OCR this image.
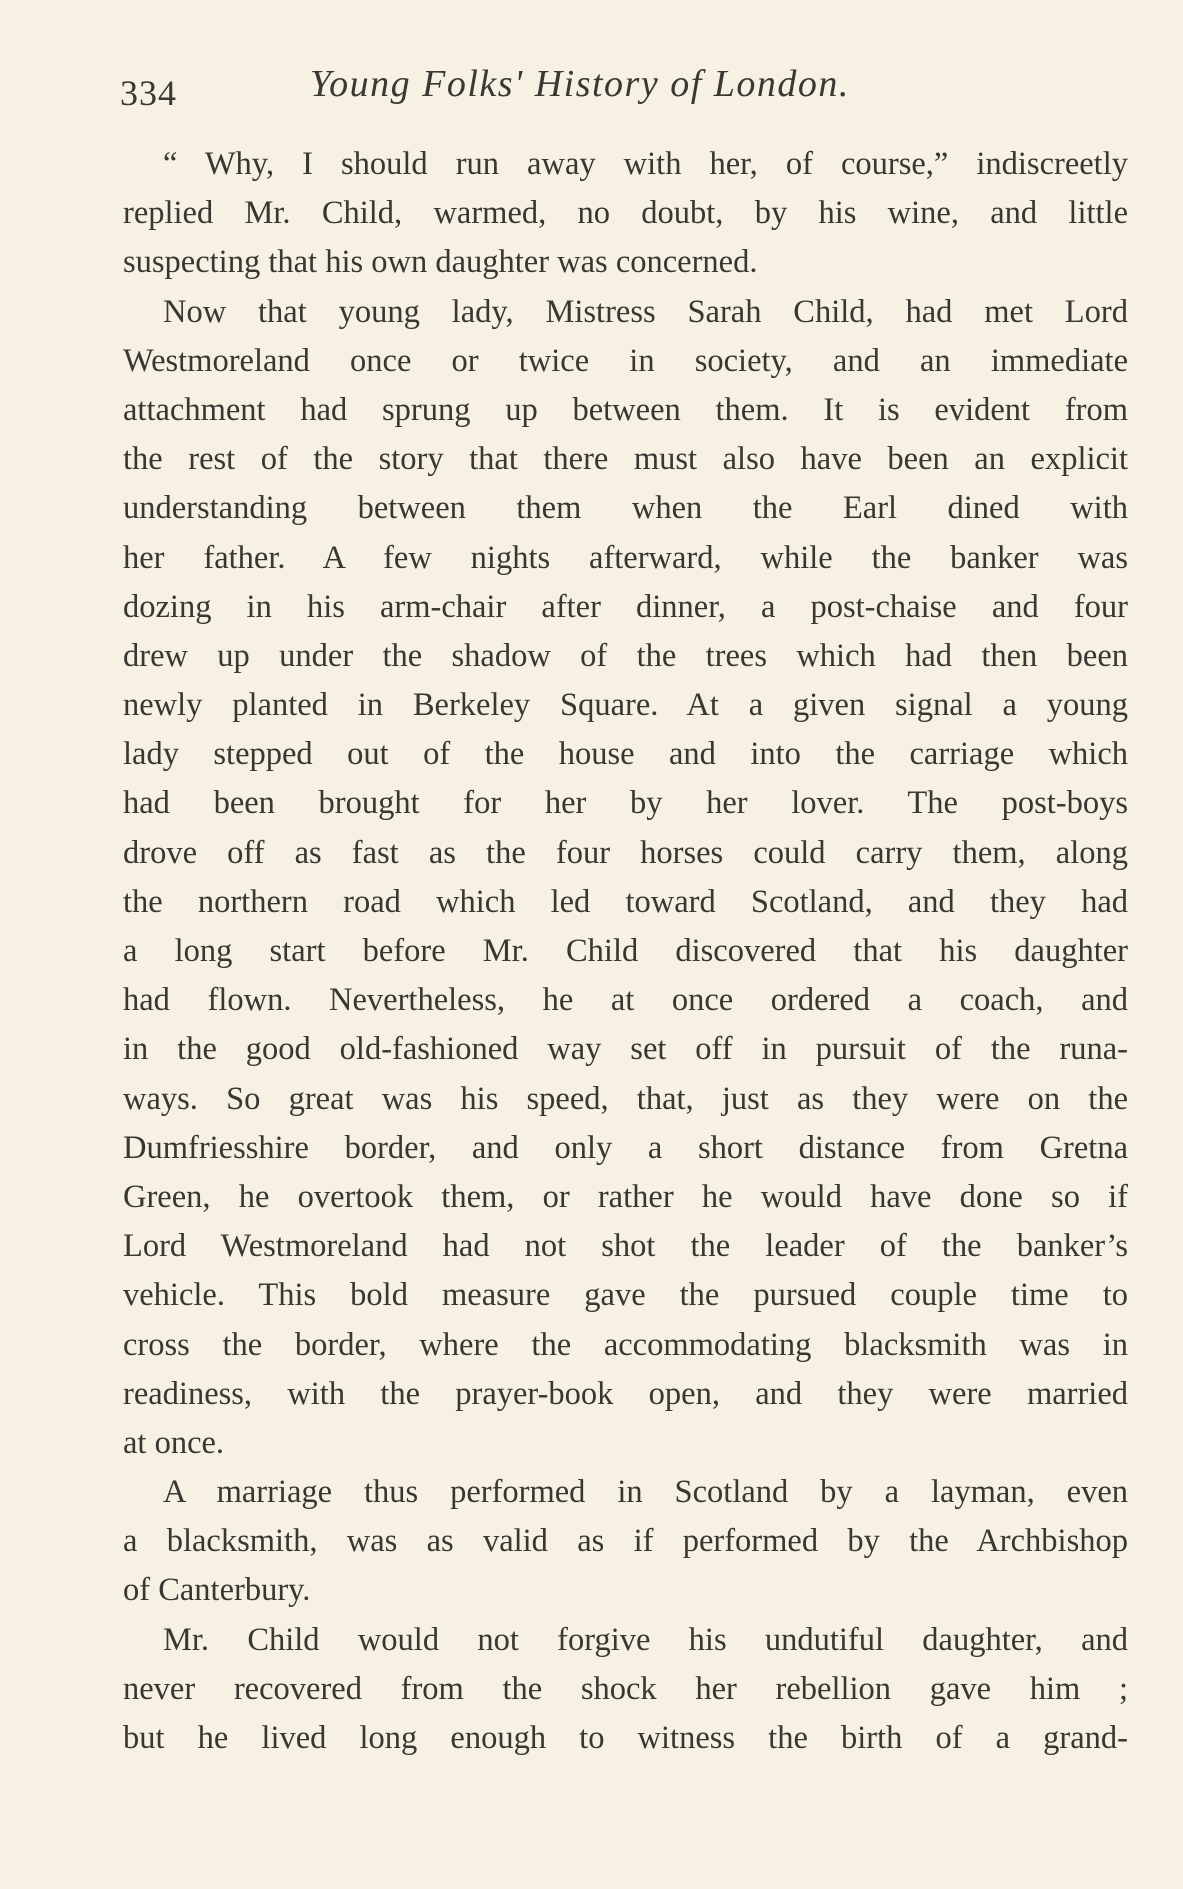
334	Young Folks' History of London.
“ Why, I should run away with her, of course,” indiscreetly
replied Mr. Child, warmed, no doubt, by his wine, and little
suspecting that his own daughter was concerned.
Now that young lady, Mistress Sarah Child, had met Lord
Westmoreland once or twice in society, and an immediate
attachment had sprung up between them. It is evident from
the rest of the story that there must also have been an explicit
understanding between them when the Earl dined with
her father. A few nights afterward, while the banker was
dozing in his arm-chair after dinner, a post-chaise and four
drew up under the shadow of the trees which had then been
newly planted in Berkeley Square. At a given signal a young
lady stepped out of the house and into the carriage which
had been brought for her by her lover. The post-boys
drove off as fast as the four horses could carry them, along
the northern road which led toward Scotland, and they had
a long start before Mr. Child discovered that his daughter
had flown. Nevertheless, he at once ordered a coach, and
in the good old-fashioned way set off in pursuit of the runa-
ways. So great was his speed, that, just as they were on the
Dumfriesshire border, and only a short distance from Gretna
Green, he overtook them, or rather he would have done so if
Lord Westmoreland had not shot the leader of the banker’s
vehicle. This bold measure gave the pursued couple time to
cross the border, where the accommodating blacksmith was in
readiness, with the prayer-book open, and they were married
at once.
A marriage thus performed in Scotland by a layman, even
a blacksmith, was as valid as if performed by the Archbishop
of Canterbury.
Mr. Child would not forgive his undutiful daughter, and
never recovered from the shock her rebellion gave him ;
but he lived long enough to witness the birth of a grand-
